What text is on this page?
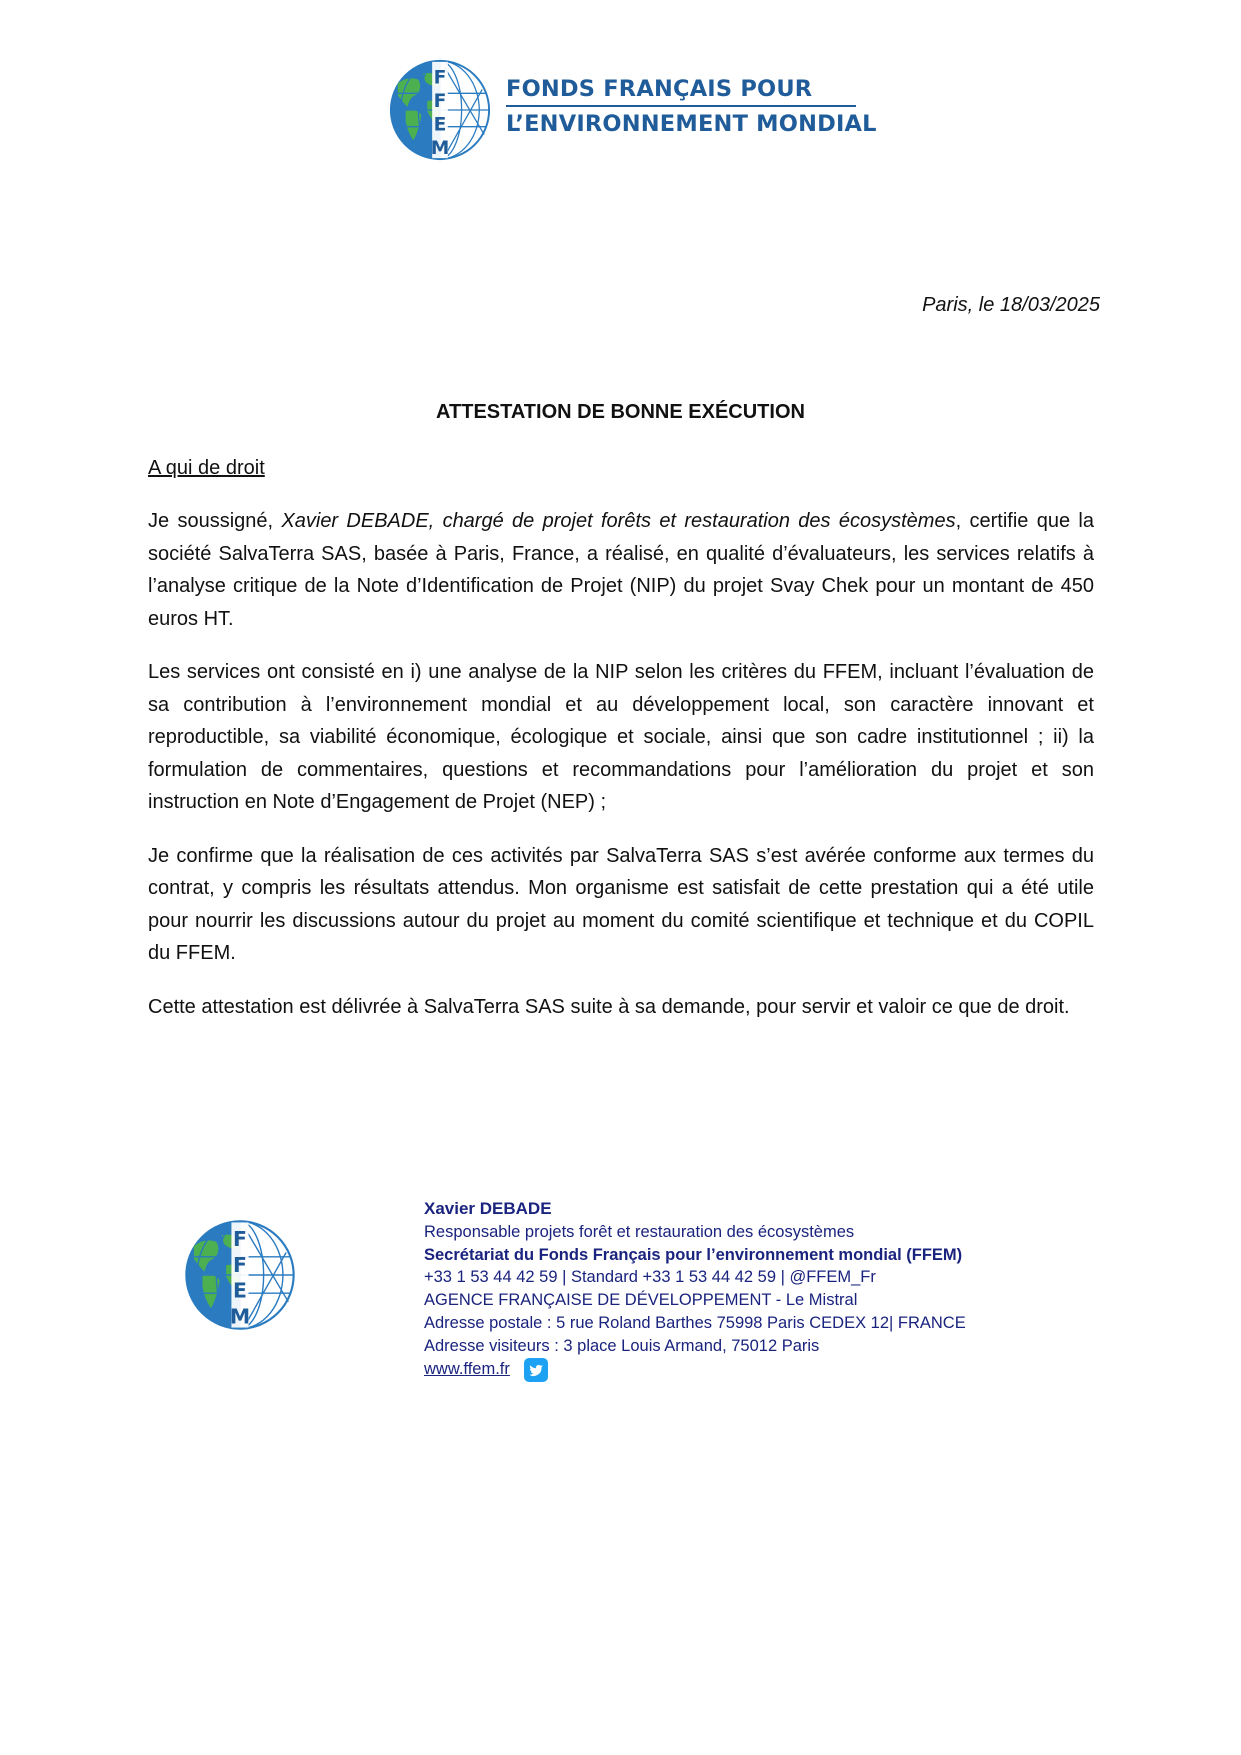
F
F
E
M
FONDS FRANÇAIS POUR
L’ENVIRONNEMENT MONDIAL
Paris, le 18/03/2025
ATTESTATION DE BONNE EXÉCUTION
A qui de droit

Je soussigné, Xavier DEBADE, chargé de projet forêts et restauration des écosystèmes, certifie que la société SalvaTerra SAS, basée à Paris, France, a réalisé, en qualité d’évaluateurs, les services relatifs à l’analyse critique de la Note d’Identification de Projet (NIP) du projet Svay Chek pour un montant de 450 euros HT.

Les services ont consisté en i) une analyse de la NIP selon les critères du FFEM, incluant l’évaluation de sa contribution à l’environnement mondial et au développement local, son caractère innovant et reproductible, sa viabilité économique, écologique et sociale, ainsi que son cadre institutionnel ; ii) la formulation de commentaires, questions et recommandations pour l’amélioration du projet et son instruction en Note d’Engagement de Projet (NEP) ;

Je confirme que la réalisation de ces activités par SalvaTerra SAS s’est avérée conforme aux termes du contrat, y compris les résultats attendus. Mon organisme est satisfait de cette prestation qui a été utile pour nourrir les discussions autour du projet au moment du comité scientifique et technique et du COPIL du FFEM.

Cette attestation est délivrée à SalvaTerra SAS suite à sa demande, pour servir et valoir ce que de droit.

F
F
E
M
Xavier DEBADE
Responsable projets forêt et restauration des écosystèmes
Secrétariat du Fonds Français pour l’environnement mondial (FFEM)
+33 1 53 44 42 59 | Standard +33 1 53 44 42 59 | @FFEM_Fr
AGENCE FRANÇAISE DE DÉVELOPPEMENT - Le Mistral
Adresse postale : 5 rue Roland Barthes 75998 Paris CEDEX 12| FRANCE
Adresse visiteurs : 3 place Louis Armand, 75012 Paris
www.ffem.fr
